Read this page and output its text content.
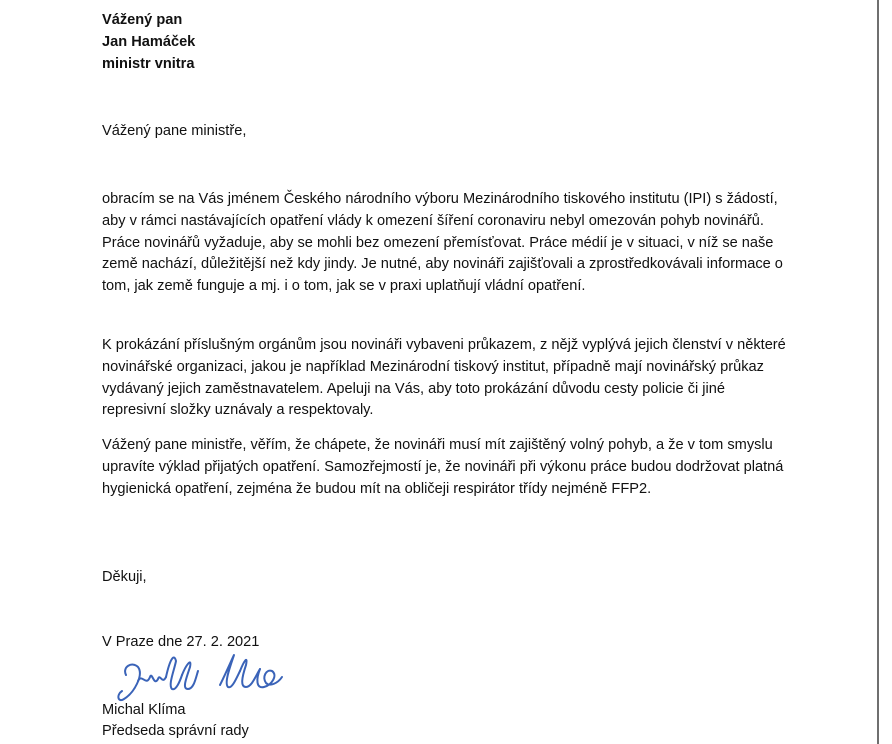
Vážený pan
Jan Hamáček
ministr vnitra
Vážený pane ministře,

obracím se na Vás jménem Českého národního výboru Mezinárodního tiskového institutu (IPI) s žádostí, aby v rámci nastávajících opatření vlády k omezení šíření coronaviru nebyl omezován pohyb novinářů. Práce novinářů vyžaduje, aby se mohli bez omezení přemísťovat. Práce médií je v situaci, v níž se naše země nachází, důležitější než kdy jindy. Je nutné, aby novináři zajišťovali a zprostředkovávali informace o tom, jak země funguje a mj. i o tom, jak se v praxi uplatňují vládní opatření.

K prokázání příslušným orgánům jsou novináři vybaveni průkazem, z nějž vyplývá jejich členství v některé novinářské organizaci, jakou je například Mezinárodní tiskový institut, případně mají novinářský průkaz vydávaný jejich zaměstnavatelem. Apeluji na Vás, aby toto prokázání důvodu cesty policie či jiné represivní složky uznávaly a respektovaly.

Vážený pane ministře, věřím, že chápete, že novináři musí mít zajištěný volný pohyb, a že v tom smyslu upravíte výklad přijatých opatření. Samozřejmostí je, že novináři při výkonu práce budou dodržovat platná hygienická opatření, zejména že budou mít na obličeji respirátor třídy nejméně FFP2.

Děkuji,
V Praze dne 27. 2. 2021
Michal Klíma
Předseda správní rady
